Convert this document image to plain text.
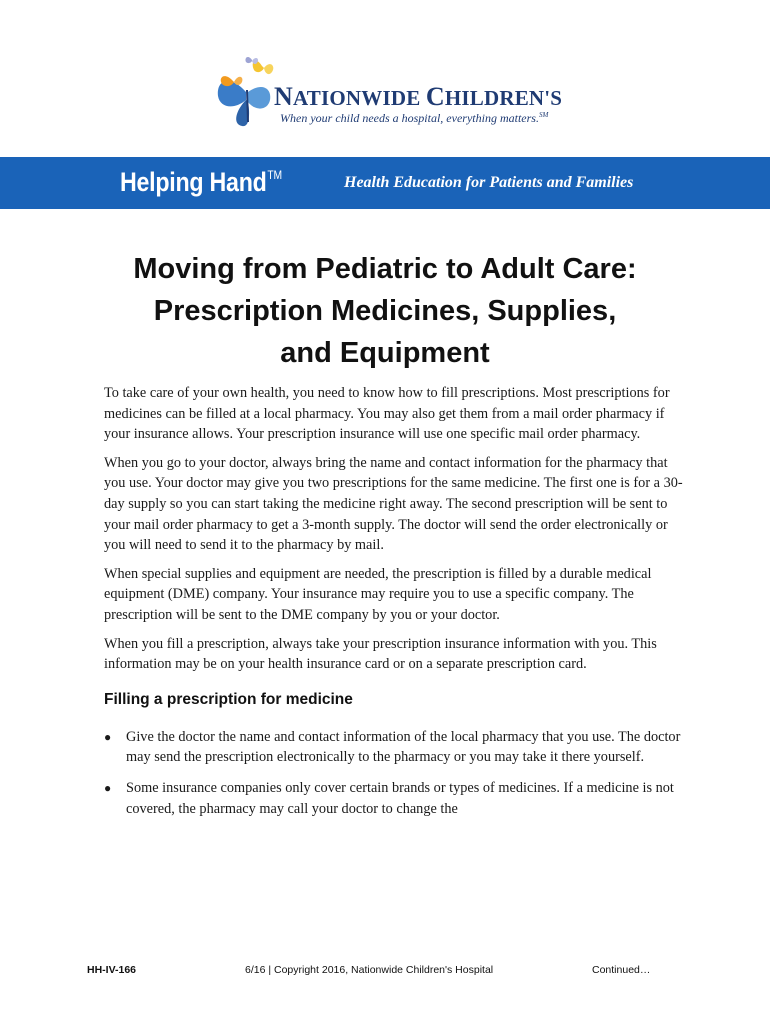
NATIONWIDE CHILDREN'S
When your child needs a hospital, everything matters.℠
Helping Hand™	Health Education for Patients and Families
Moving from Pediatric to Adult Care:
Prescription Medicines, Supplies,
and Equipment

To take care of your own health, you need to know how to fill prescriptions. Most prescriptions for medicines can be filled at a local pharmacy. You may also get them from a mail order pharmacy if your insurance allows. Your prescription insurance will use one specific mail order pharmacy.

When you go to your doctor, always bring the name and contact information for the pharmacy that you use. Your doctor may give you two prescriptions for the same medicine. The first one is for a 30-day supply so you can start taking the medicine right away. The second prescription will be sent to your mail order pharmacy to get a 3-month supply. The doctor will send the order electronically or you will need to send it to the pharmacy by mail.

When special supplies and equipment are needed, the prescription is filled by a durable medical equipment (DME) company. Your insurance may require you to use a specific company. The prescription will be sent to the DME company by you or your doctor.

When you fill a prescription, always take your prescription insurance information with you. This information may be on your health insurance card or on a separate prescription card.

Filling a prescription for medicine
● Give the doctor the name and contact information of the local pharmacy that you use. The doctor may send the prescription electronically to the pharmacy or you may take it there yourself.
● Some insurance companies only cover certain brands or types of medicines. If a medicine is not covered, the pharmacy may call your doctor to change the
HH-IV-166	6/16 | Copyright 2016, Nationwide Children's Hospital	Continued…
